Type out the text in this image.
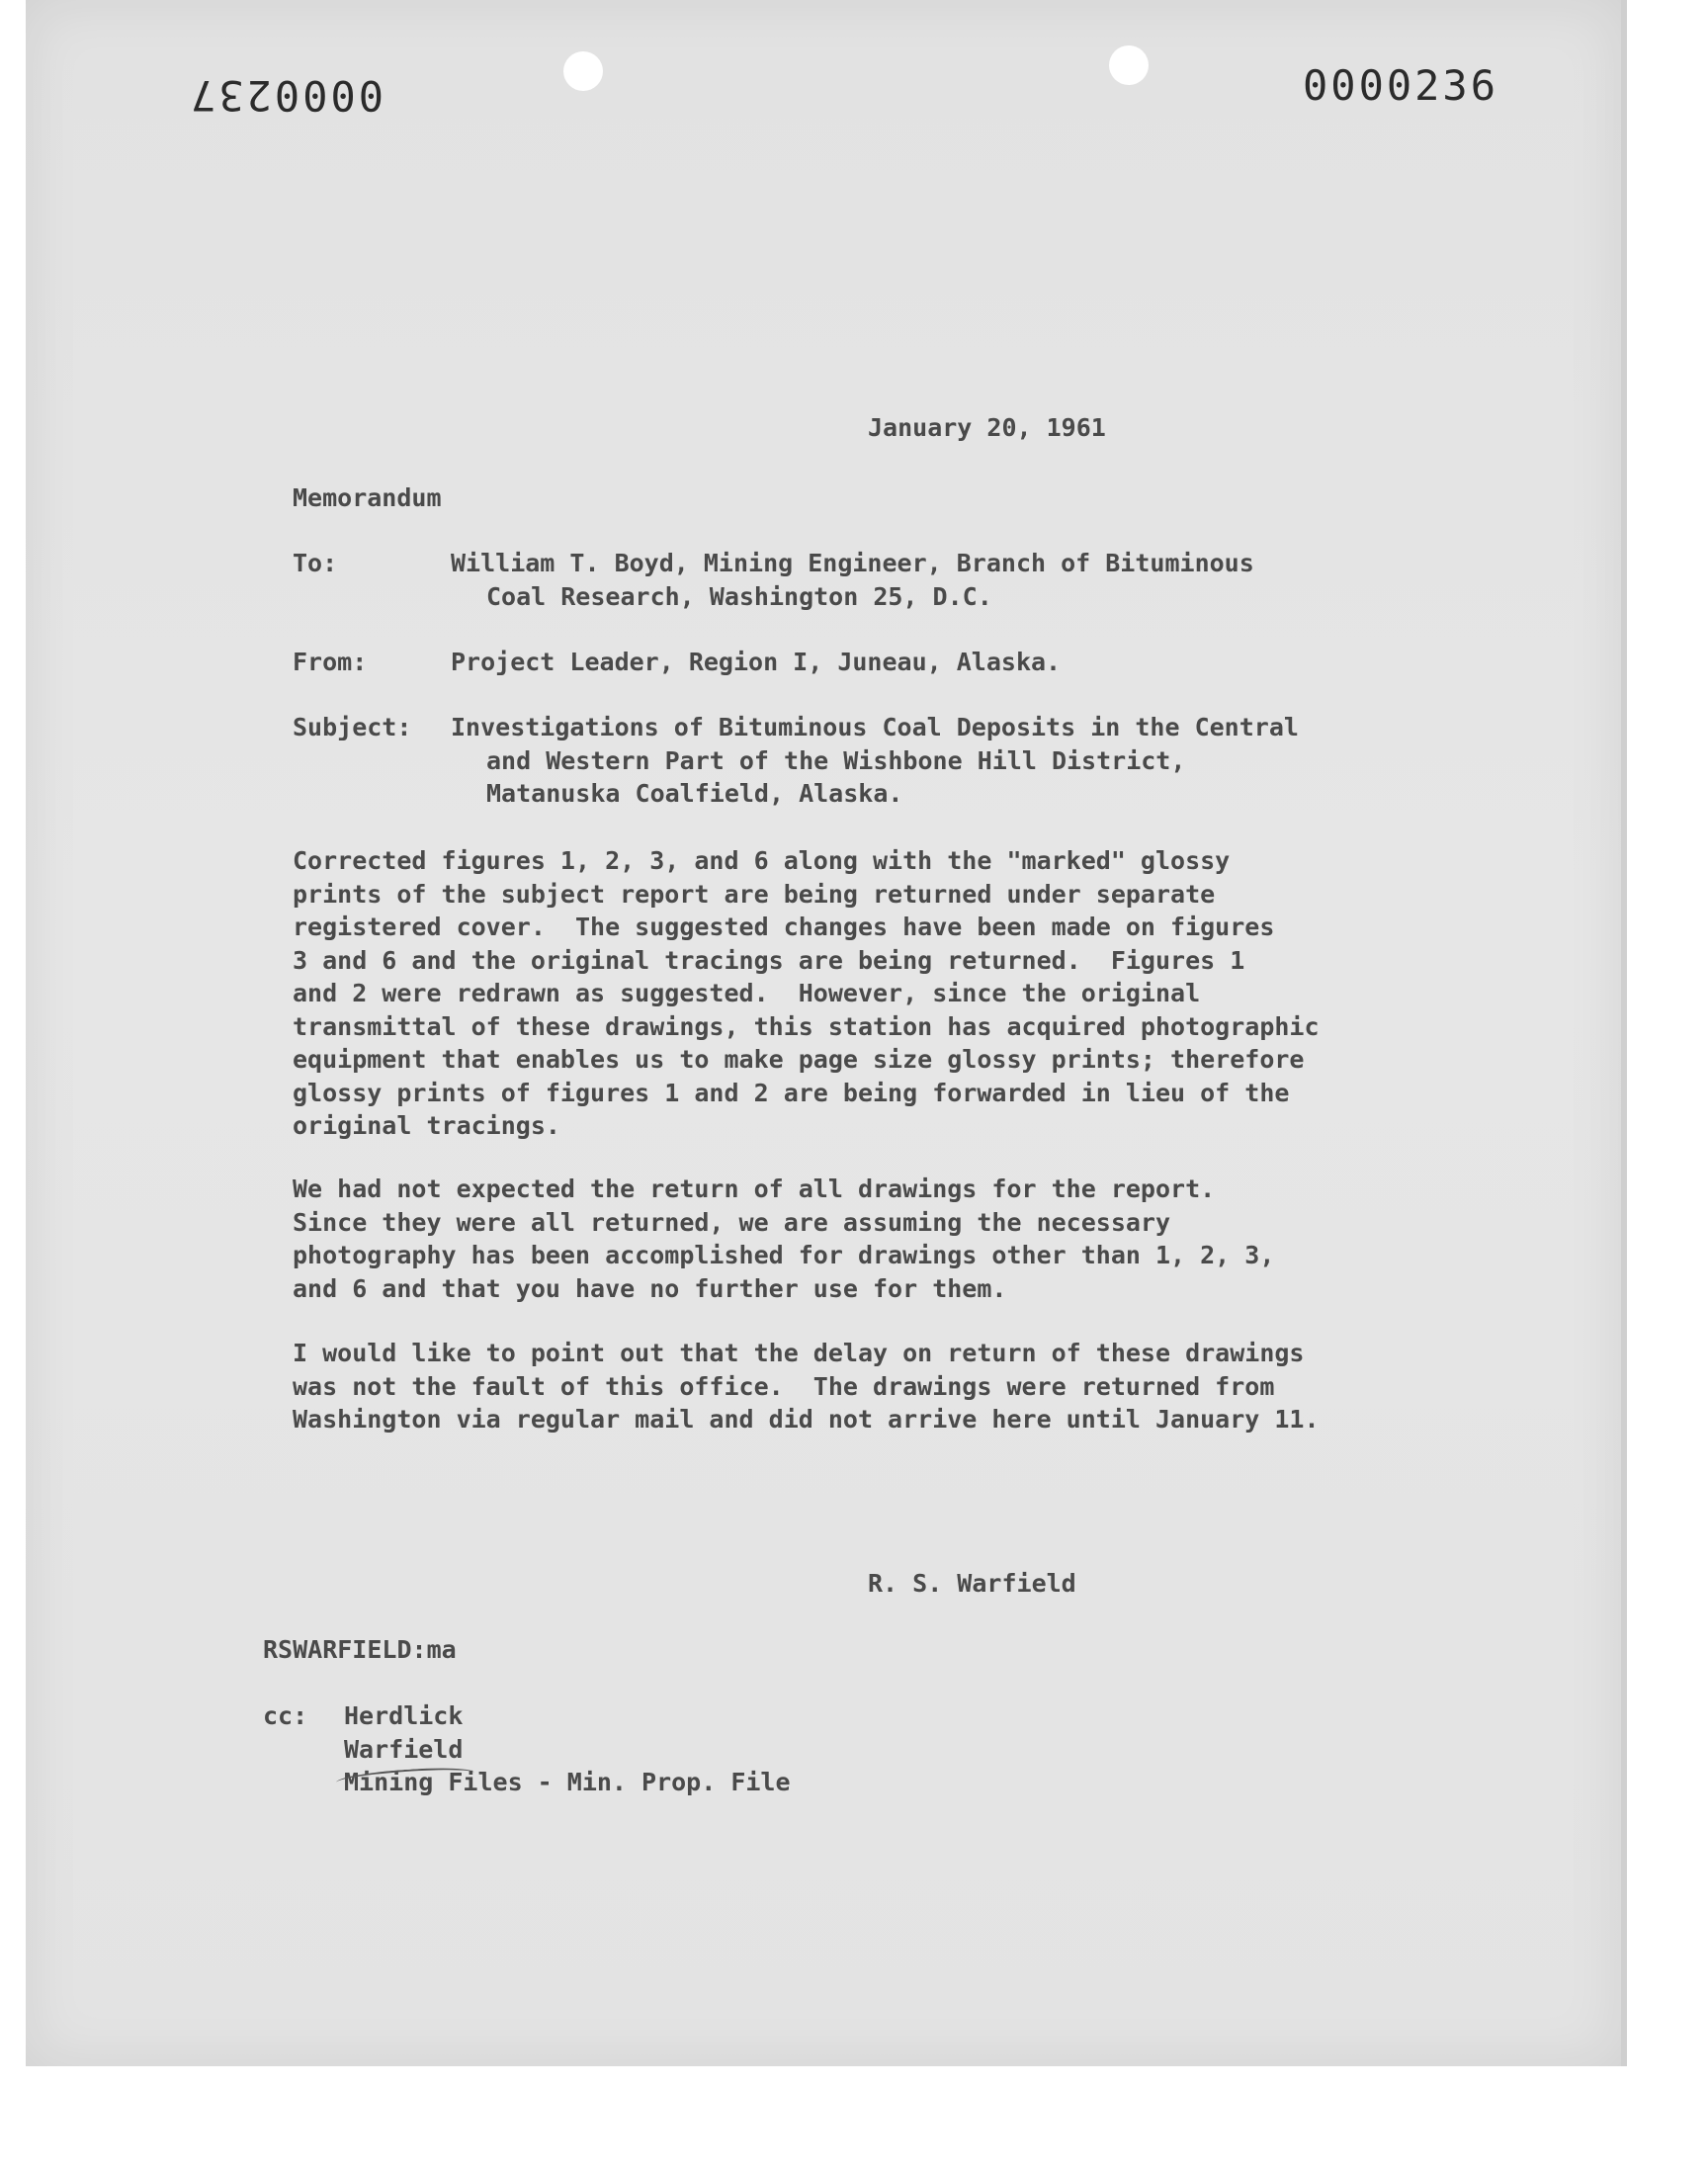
0000237	0000236
January 20, 1961
Memorandum
To:	William T. Boyd, Mining Engineer, Branch of Bituminous
Coal Research, Washington 25, D.C.
From:	Project Leader, Region I, Juneau, Alaska.
Subject: Investigations of Bituminous Coal Deposits in the Central
and Western Part of the Wishbone Hill District,
Matanuska Coalfield, Alaska.
Corrected figures 1, 2, 3, and 6 along with the "marked" glossy
prints of the subject report are being returned under separate
registered cover.  The suggested changes have been made on figures
3 and 6 and the original tracings are being returned.  Figures 1
and 2 were redrawn as suggested.  However, since the original
transmittal of these drawings, this station has acquired photographic
equipment that enables us to make page size glossy prints; therefore
glossy prints of figures 1 and 2 are being forwarded in lieu of the
original tracings.
We had not expected the return of all drawings for the report.
Since they were all returned, we are assuming the necessary
photography has been accomplished for drawings other than 1, 2, 3,
and 6 and that you have no further use for them.
I would like to point out that the delay on return of these drawings
was not the fault of this office.  The drawings were returned from
Washington via regular mail and did not arrive here until January 11.
R. S. Warfield
RSWARFIELD:ma
cc: Herdlick
Warfield
Mining Files - Min. Prop. File
